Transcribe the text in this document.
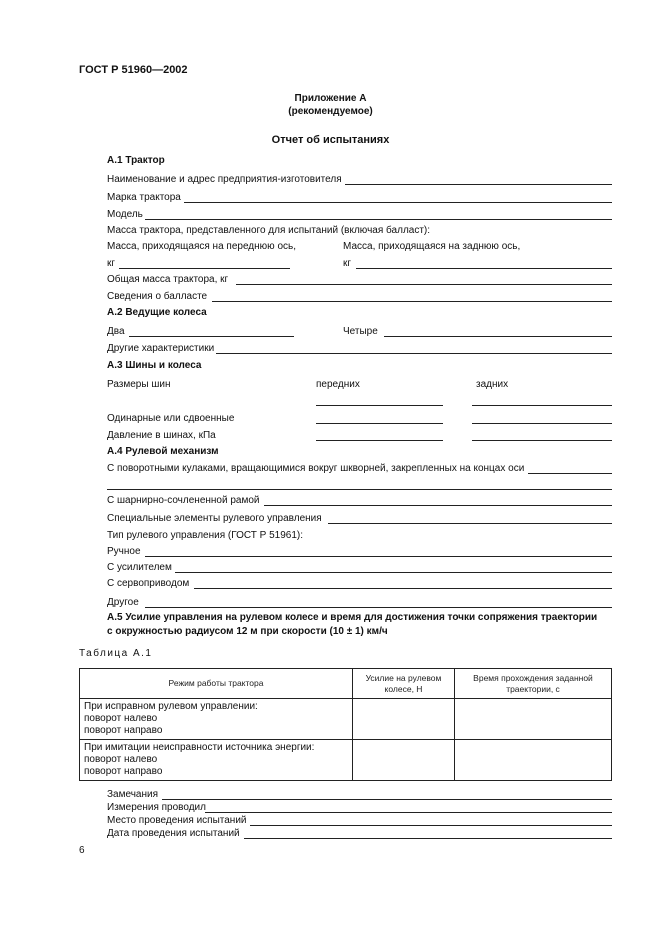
ГОСТ Р 51960—2002
Приложение А
(рекомендуемое)
Отчет об испытаниях
А.1 Трактор
Наименование и адрес предприятия-изготовителя
Марка трактора
Модель
Масса трактора, представленного для испытаний (включая балласт):
Масса, приходящаяся на переднюю ось,	Масса, приходящаяся на заднюю ось,
кг	кг
Общая масса трактора, кг
Сведения о балласте
А.2 Ведущие колеса
Два	Четыре
Другие характеристики
А.3 Шины и колеса
Размеры шин	передних	задних
Одинарные или сдвоенные
Давление в шинах, кПа
А.4 Рулевой механизм
С поворотными кулаками, вращающимися вокруг шкворней, закрепленных на концах оси
С шарнирно-сочлененной рамой
Специальные элементы рулевого управления
Тип рулевого управления (ГОСТ Р 51961):
Ручное
С усилителем
С сервоприводом
Другое
А.5 Усилие управления на рулевом колесе и время для достижения точки сопряжения траектории
с окружностью радиусом 12 м при скорости (10 ± 1) км/ч
Таблица А.1
Режим работы трактора	Усилие на рулевом колесе, Н	Время прохождения заданной траектории, с

При исправном рулевом управлении:
поворот налево
поворот направо		

При имитации неисправности источника энергии:
поворот налево
поворот направо		

Замечания
Измерения проводил
Место проведения испытаний
Дата проведения испытаний
6
